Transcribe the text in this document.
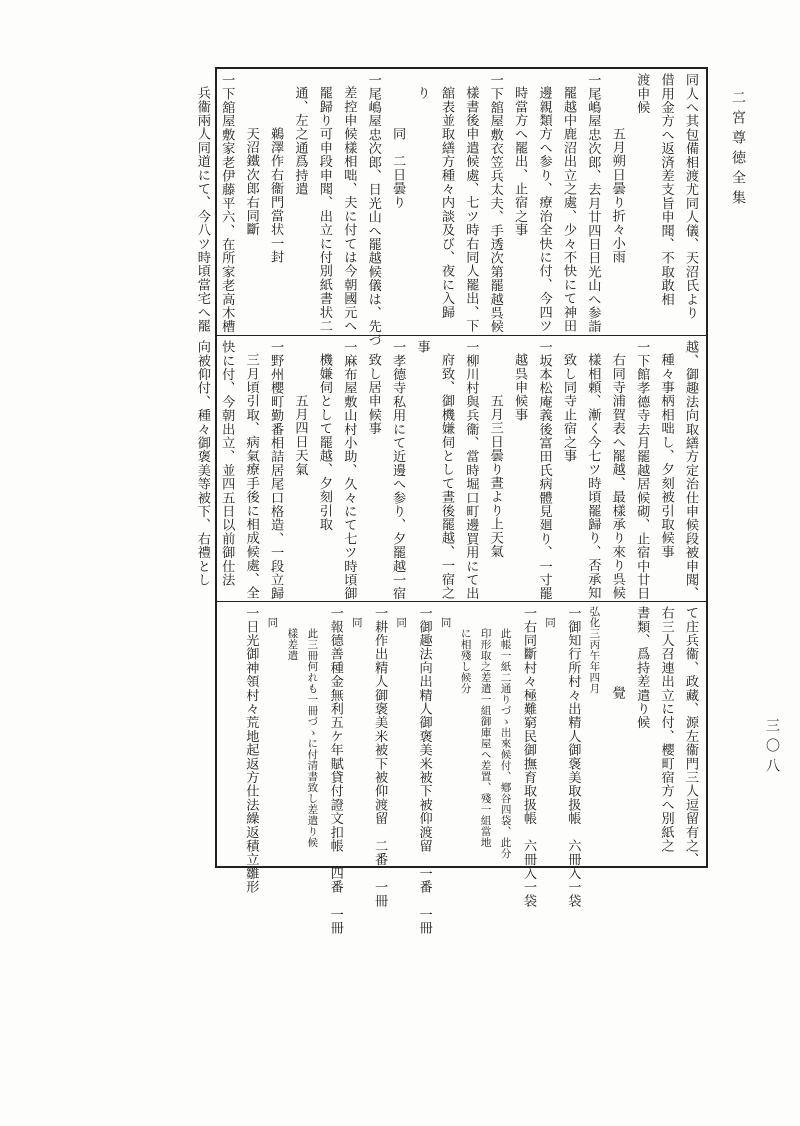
二宮尊徳全集
三〇八
同人へ其包備相渡尤同人儀、天沼氏より
借用金方へ返済差支旨申聞、不取敢相
渡申候
　五月朔日曇り折々小雨
一尾嶋屋忠次郎、去月廿四日日光山へ参詣
罷越中鹿沼出立之處、少々不快にて神田
邊親類方へ参り、療治全快に付、今四ツ
時當方へ罷出、止宿之事
一下舘屋敷衣笠兵太夫、手透次第罷越呉候
樣書後申遣候處、七ツ時右同人罷出、下
舘表並取繕方種々内談及び、夜に入歸
り
　同　二日曇り
一尾嶋屋忠次郎、日光山へ罷越候儀は、先づ
差控申候樣相咄、夫に付ては今朝國元へ
罷歸り可申段申聞、出立に付別紙書状二
通、左之通爲持遣
　鵜澤作右衞門當状一封
　天沼鐵次郎右同斷
一下舘屋敷家老伊藤平六、在所家老高木槽
兵衞兩人同道にて、今八ツ時頃當宅へ罷
越、御趣法向取繕方定治仕申候段被申聞、
種々事柄相咄し、夕刻被引取候事
一下館孝德寺去月罷越居候砌、止宿中廿日
右同寺浦賀表へ罷越、最樣承り來り呉候
樣相頼、漸く今七ツ時頃罷歸り、否承知
致し同寺止宿之事
一坂本松庵義後富田氏病體見廻り、一寸罷
越呉申候事
　五月三日曇り晝より上天氣
一柳川村與兵衞、當時堀口町邊買用にて出
府致、御機嫌伺として晝後罷越、一宿之
事
一孝德寺私用にて近邊へ参り、夕罷越一宿
致し居申候事
一麻布屋敷山村小助、久々にて七ツ時頃御
機嫌伺として罷越、夕刻引取
　五月四日天氣
一野州櫻町勤番相詰居尾口格造、一段立歸
三月頃引取、病氣療手後に相成候處、全
快に付、今朝出立、並四五日以前御仕法
向被仰付、種々御褒美等被下、右禮とし
て庄兵衞、政藏、源左衞門三人逗留有之、
右三人召連出立に付、櫻町宿方へ別紙之
書類、爲持差遣り候
　覺
弘化三丙午年四月
一御知行所村々出精人御褒美取扱帳　六冊入一袋
　同
一右同斷村々極難窮民御撫育取扱帳　六冊入一袋
　此帳一紙二通りづゝ出來候付、鄕谷四袋、此分
　印形取之差遣一組御庫屋へ差置、殘一組當地
　に相殘し候分
　同
一御趣法向出精人御褒美米被下被仰渡留　一番　一冊
　同
一耕作出精人御褒美米被下被仰渡留　二番　一冊
　同
一報德善種金無利五ケ年賦貸付證文扣帳　四番　一冊
　此三冊何れも一冊づゝに付清書致し差遣り候
　樣差遣
　同
一日光御神領村々荒地起返方仕法繰返積立雛形
